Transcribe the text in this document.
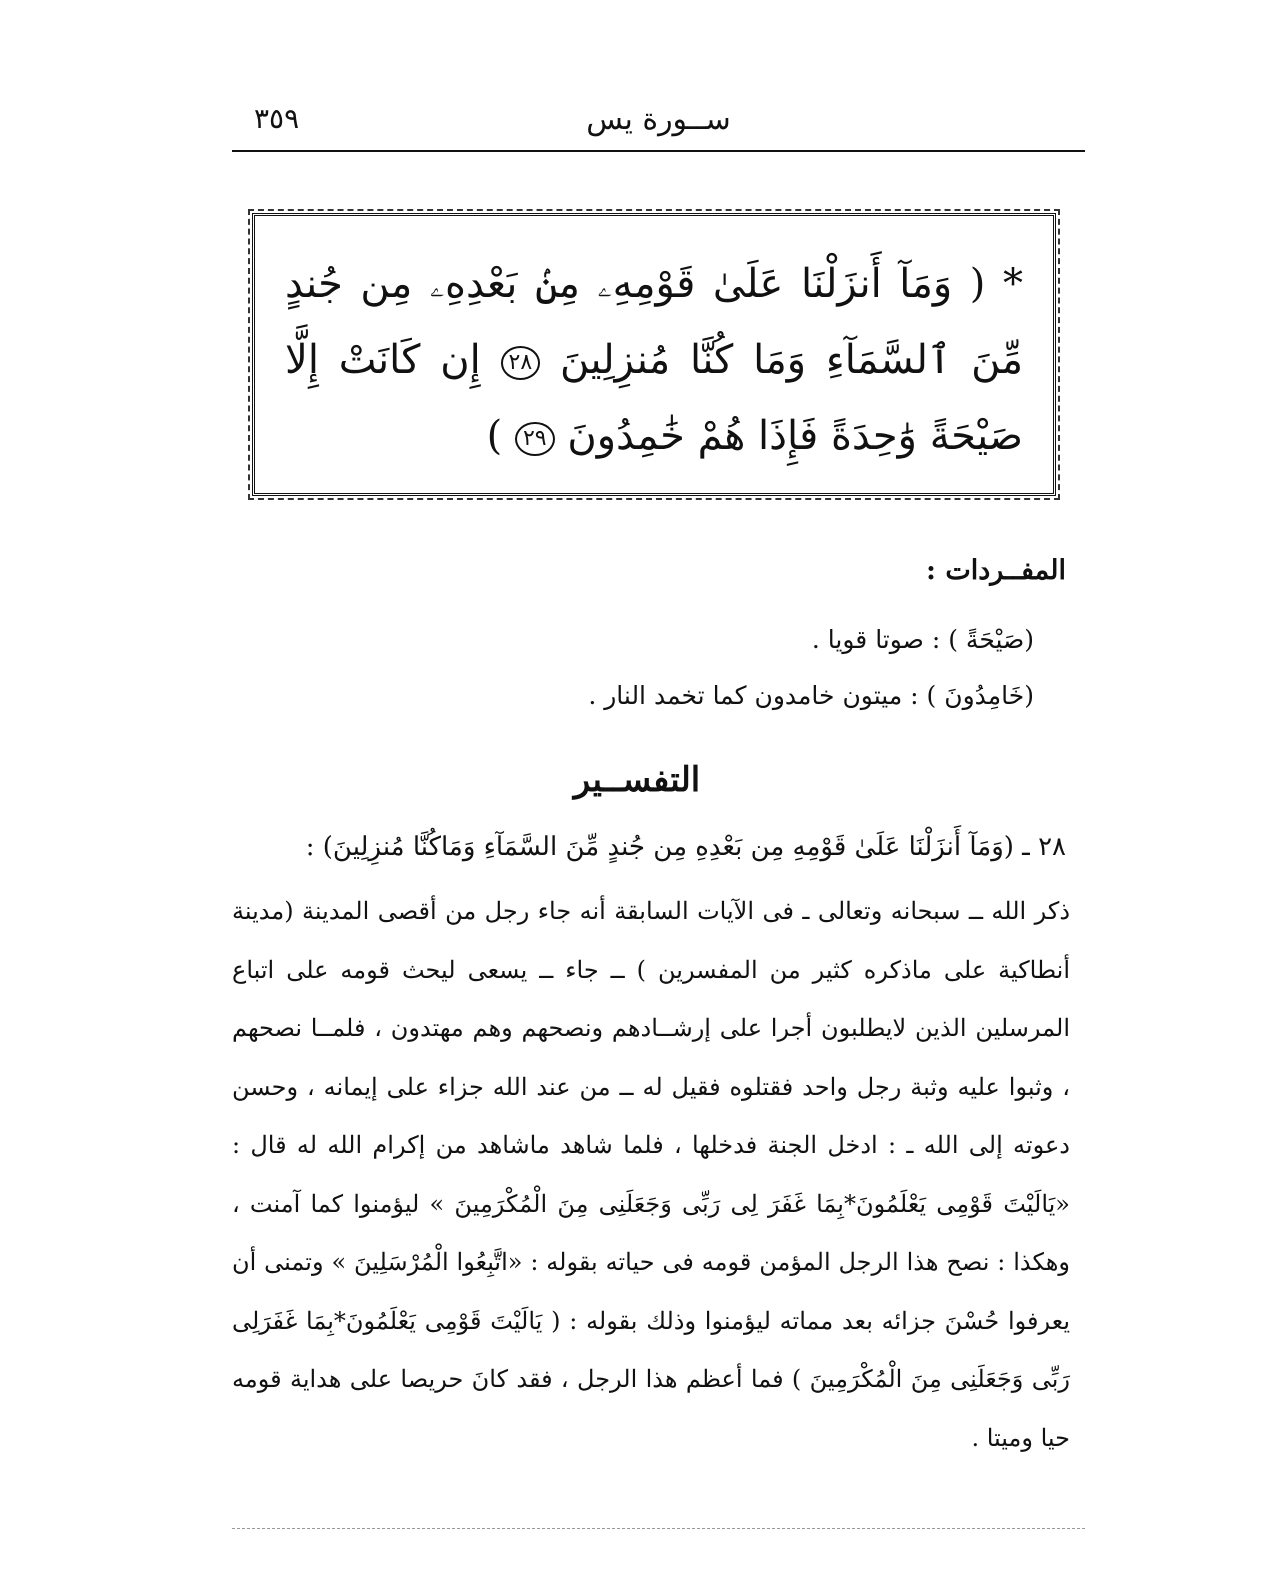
ســورة يس
٣٥٩
* ( وَمَآ أَنزَلْنَا عَلَىٰ قَوْمِهِۦ مِنۢ بَعْدِهِۦ مِن جُندٍ مِّنَ ٱلسَّمَآءِ وَمَا كُنَّا مُنزِلِينَ ٢٨ إِن كَانَتْ إِلَّا صَيْحَةً وَٰحِدَةً فَإِذَا هُمْ خَٰمِدُونَ ٢٩ )
المفــردات :
(صَيْحَةً ) : صوتا قويا .
(خَامِدُونَ ) : ميتون خامدون كما تخمد النار .
التفســير
٢٨ ـ (وَمَآ أَنزَلْنَا عَلَىٰ قَوْمِهِ مِن بَعْدِهِ مِن جُندٍ مِّنَ السَّمَآءِ وَمَاكُنَّا مُنزِلِينَ) :
ذكر الله ــ سبحانه وتعالى ـ فى الآيات السابقة أنه جاء رجل من أقصى المدينة (مدينة أنطاكية على ماذكره كثير من المفسرين ) ــ جاء ــ يسعى ليحث قومه على اتباع المرسلين الذين لايطلبون أجرا على إرشــادهم ونصحهم وهم مهتدون ، فلمــا نصحهم ، وثبوا عليه وثبة رجل واحد فقتلوه فقيل له ــ من عند الله جزاء على إيمانه ، وحسن دعوته إلى الله ـ : ادخل الجنة فدخلها ، فلما شاهد ماشاهد من إكرام الله له قال : «يَالَيْتَ قَوْمِى يَعْلَمُونَ*بِمَا غَفَرَ لِى رَبِّى وَجَعَلَنِى مِنَ الْمُكْرَمِينَ » ليؤمنوا كما آمنت ، وهكذا : نصح هذا الرجل المؤمن قومه فى حياته بقوله : «اتَّبِعُوا الْمُرْسَلِينَ » وتمنى أن يعرفوا حُسْنَ جزائه بعد مماته ليؤمنوا وذلك بقوله : ( يَالَيْتَ قَوْمِى يَعْلَمُونَ*بِمَا غَفَرَلِى رَبِّى وَجَعَلَنِى مِنَ الْمُكْرَمِينَ ) فما أعظم هذا الرجل ، فقد كانَ حريصا على هداية قومه حيا وميتا .
